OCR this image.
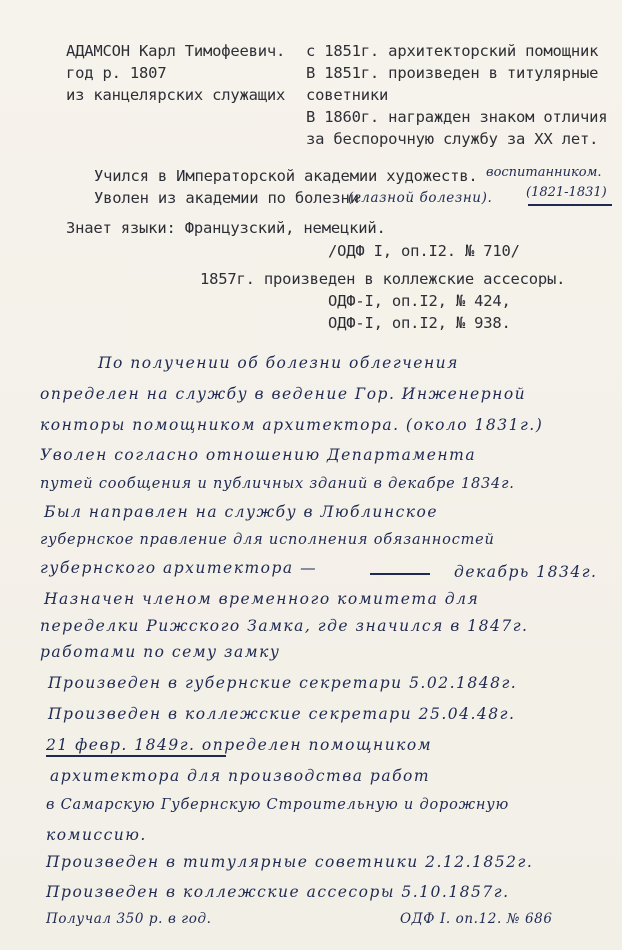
АДАМСОН Карл Тимофеевич.
год р. 1807
из канцелярских служащих
с 1851г. архитекторский помощник
В 1851г. произведен в титулярные
советники
В 1860г. награжден знаком отличия
за беспорочную службу за XX лет.
Учился в Императорской академии художеств. воспитанником.
Уволен из академии по болезни
(глазной болезни).	(1821-1831)
Знает языки: Французский, немецкий.
/ОДФ I, оп.I2. № 710/
1857г. произведен в коллежские ассесоры.
ОДФ-I, оп.I2, № 424,
ОДФ-I, оп.I2, № 938.
По получении об болезни облегчения
определен на службу в ведение Гор. Инженерной
конторы помощником архитектора. (около 1831г.)
Уволен согласно отношению Департамента
путей сообщения и публичных зданий в декабре 1834г.
Был направлен на службу в Люблинское
губернское правление для исполнения обязанностей
губернского архитектора —	декабрь 1834г.
Назначен членом временного комитета для
переделки Рижского Замка, где значился в 1847г.
работами по сему замку
Произведен в губернские секретари 5.02.1848г.
Произведен в коллежские секретари 25.04.48г.
21 февр. 1849г. определен помощником
архитектора для производства работ
в Самарскую Губернскую Строительную и дорожную
комиссию.
Произведен в титулярные советники 2.12.1852г.
Произведен в коллежские ассесоры 5.10.1857г.
Получал 350 р. в год.	ОДФ I. оп.12. № 686
